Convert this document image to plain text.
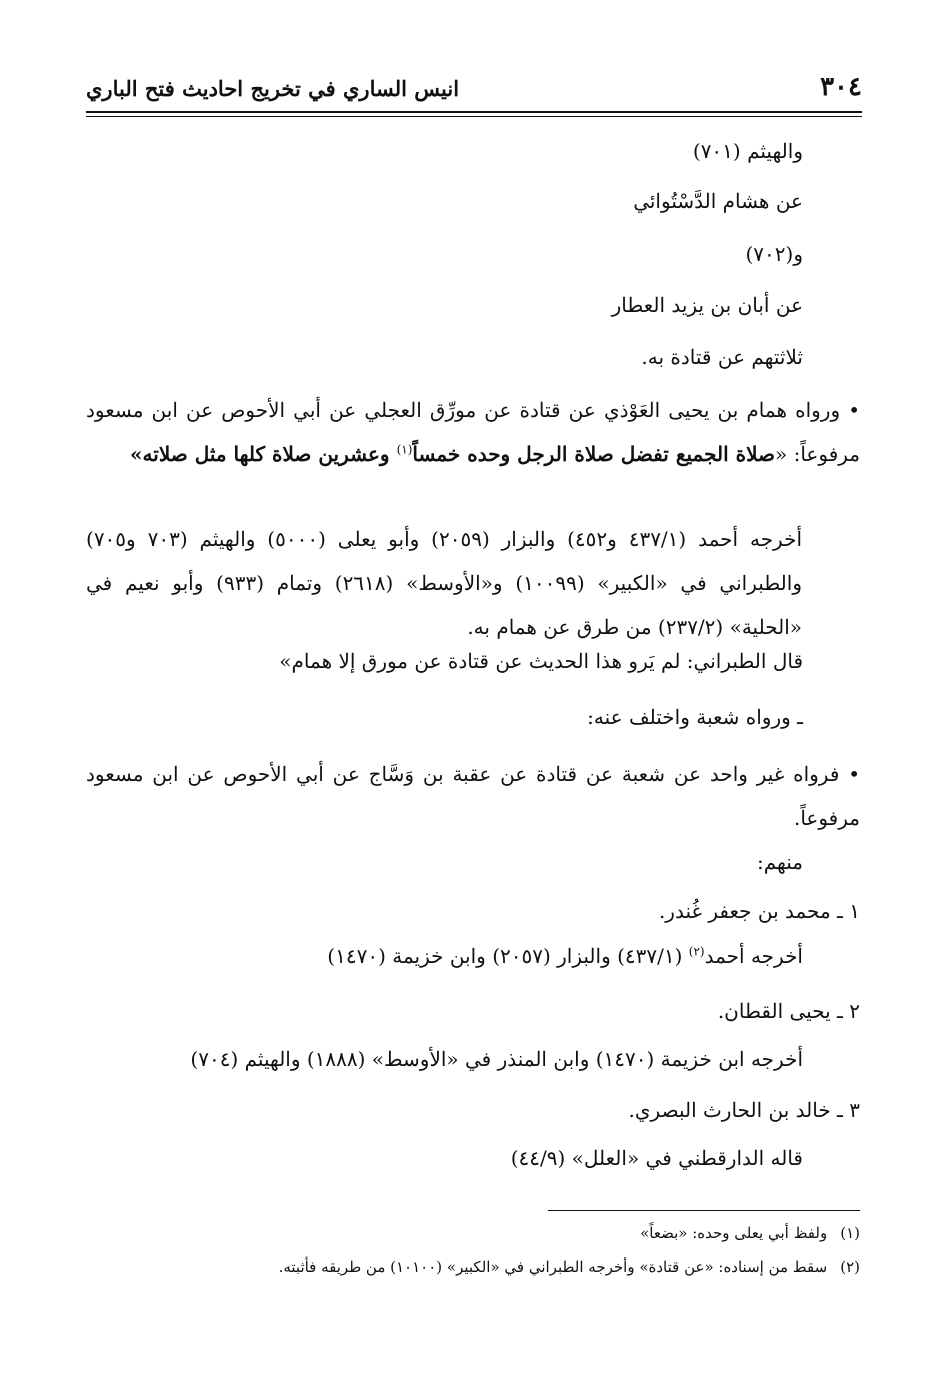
٣٠٤
انيس الساري في تخريج احاديث فتح الباري
والهيثم (٧٠١)
عن هشام الدَّسْتُوائي
و(٧٠٢)
عن أبان بن يزيد العطار
ثلاثتهم عن قتادة به.
• ورواه همام بن يحيى العَوْذي عن قتادة عن مورِّق العجلي عن أبي الأحوص عن ابن مسعود مرفوعاً: «صلاة الجميع تفضل صلاة الرجل وحده خمساً$^{(١)}$ وعشرين صلاة كلها مثل صلاته»
أخرجه أحمد (٤٣٧/١ و٤٥٢) والبزار (٢٠٥٩) وأبو يعلى (٥٠٠٠) والهيثم (٧٠٣ و٧٠٥) والطبراني في «الكبير» (١٠٠٩٩) و«الأوسط» (٢٦١٨) وتمام (٩٣٣) وأبو نعيم في «الحلية» (٢٣٧/٢) من طرق عن همام به.
قال الطبراني: لم يَرو هذا الحديث عن قتادة عن مورق إلا همام»
ـ ورواه شعبة واختلف عنه:
• فرواه غير واحد عن شعبة عن قتادة عن عقبة بن وَسَّاج عن أبي الأحوص عن ابن مسعود مرفوعاً.
منهم:
١ ـ محمد بن جعفر غُندر.
أخرجه أحمد$^{(٢)}$ (٤٣٧/١) والبزار (٢٠٥٧) وابن خزيمة (١٤٧٠)
٢ ـ يحيى القطان.
أخرجه ابن خزيمة (١٤٧٠) وابن المنذر في «الأوسط» (١٨٨٨) والهيثم (٧٠٤)
٣ ـ خالد بن الحارث البصري.
قاله الدارقطني في «العلل» (٤٤/٩)
(١) ولفظ أبي يعلى وحده: «بضعاً»
(٢) سقط من إسناده: «عن قتادة» وأخرجه الطبراني في «الكبير» (١٠١٠٠) من طريقه فأثبته.
